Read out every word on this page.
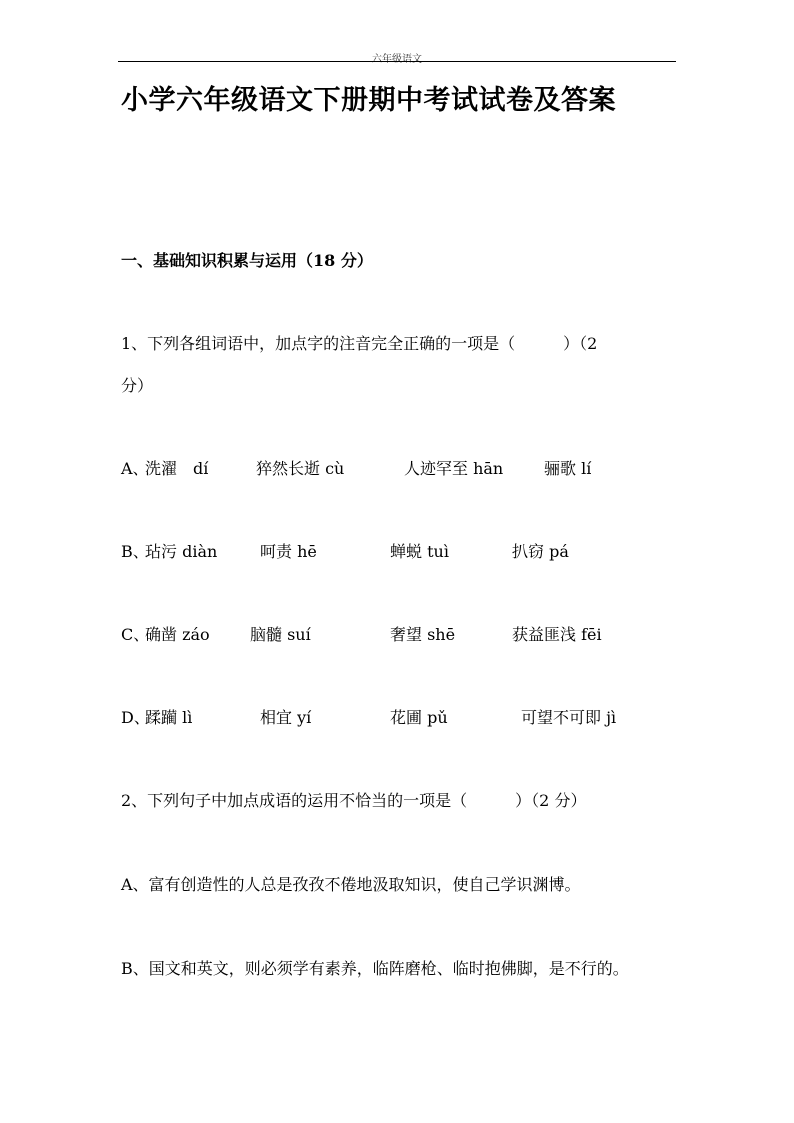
六年级语文
小学六年级语文下册期中考试试卷及答案
一、基础知识积累与运用（18 分）
1、下列各组词语中，加点字的注音完全正确的一项是（　　　）（2
分）
A、
洗濯　dí	猝然长逝 cù	人迹罕至 hān	骊歌 lí
B、
玷污 diàn	呵责 hē	蝉蜕 tuì	扒窃 pá
C、
确凿 záo	脑髓 suí	奢望 shē	获益匪浅 fēi
D、
蹂躏 lì	相宜 yí	花圃 pǔ	可望不可即 jì
2、下列句子中加点成语的运用不恰当的一项是（　　　）（2 分）
A、富有创造性的人总是孜孜不倦地汲取知识，使自己学识渊博。
B、国文和英文，则必须学有素养，临阵磨枪、临时抱佛脚，是不行的。
